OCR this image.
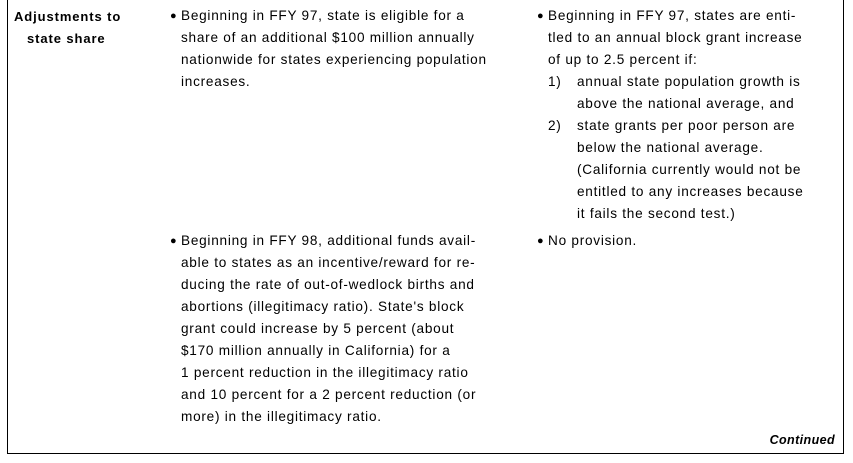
Adjustments to
state share
● Beginning in FFY 97, state is eligible for a
share of an additional $100 million annually
nationwide for states experiencing population
increases.
● Beginning in FFY 98, additional funds avail-
able to states as an incentive/reward for re-
ducing the rate of out-of-wedlock births and
abortions (illegitimacy ratio). State's block
grant could increase by 5 percent (about
$170 million annually in California) for a
1 percent reduction in the illegitimacy ratio
and 10 percent for a 2 percent reduction (or
more) in the illegitimacy ratio.
● Beginning in FFY 97, states are enti-
tled to an annual block grant increase
of up to 2.5 percent if:
1) annual state population growth is
above the national average, and
2) state grants per poor person are
below the national average.
(California currently would not be
entitled to any increases because
it fails the second test.)
● No provision.
Continued
